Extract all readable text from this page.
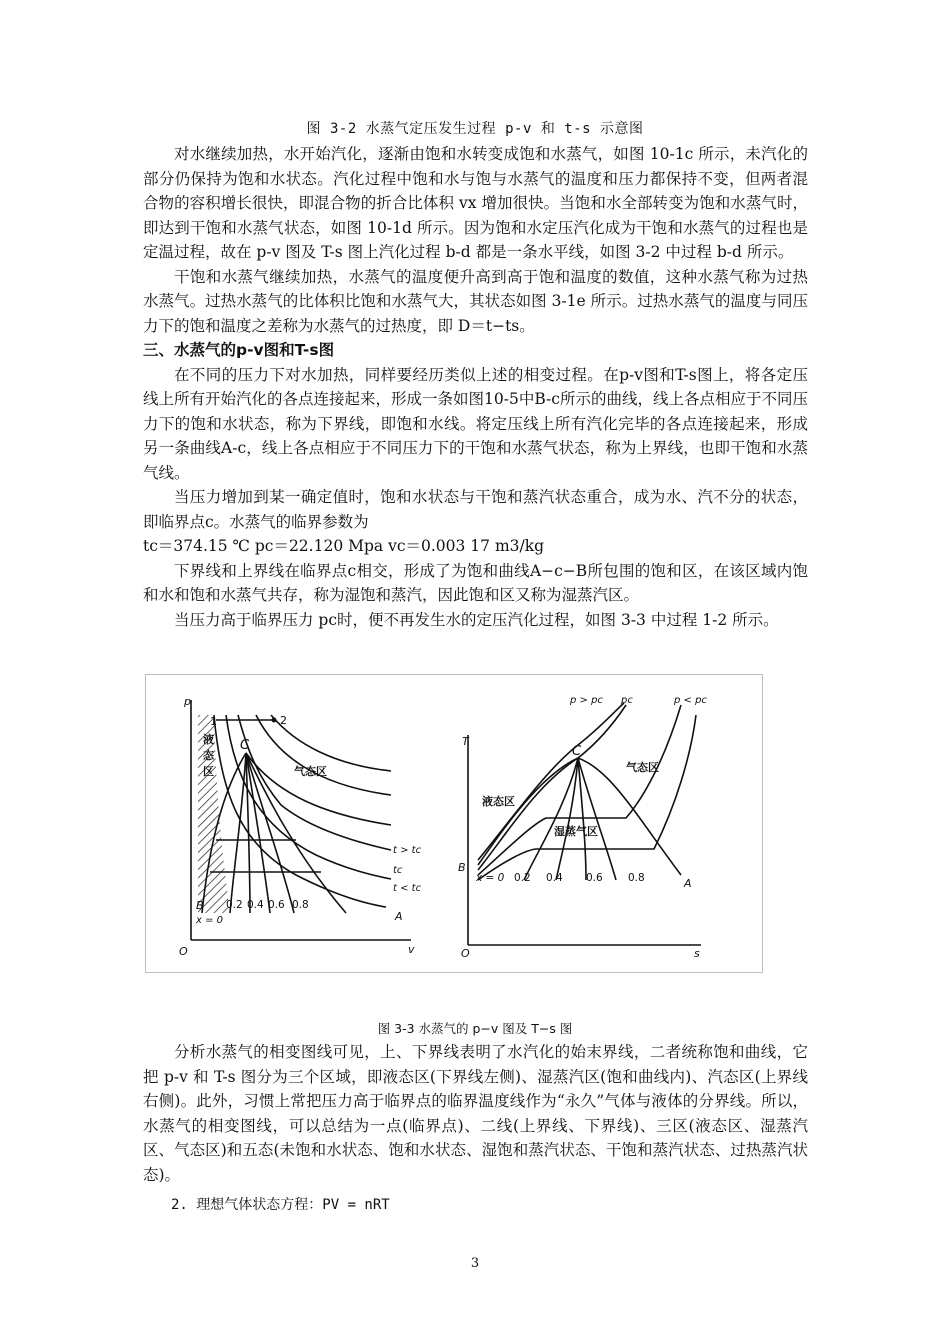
图 3-2 水蒸气定压发生过程 p-v 和 t-s 示意图

对水继续加热，水开始汽化，逐渐由饱和水转变成饱和水蒸气，如图 10-1c 所示，未汽化的部分仍保持为饱和水状态。汽化过程中饱和水与饱与水蒸气的温度和压力都保持不变，但两者混合物的容积增长很快，即混合物的折合比体积 vx 增加很快。当饱和水全部转变为饱和水蒸气时，即达到干饱和水蒸气状态，如图 10-1d 所示。因为饱和水定压汽化成为干饱和水蒸气的过程也是定温过程，故在 p-v 图及 T-s 图上汽化过程 b-d 都是一条水平线，如图 3-2 中过程 b-d 所示。

干饱和水蒸气继续加热，水蒸气的温度便升高到高于饱和温度的数值，这种水蒸气称为过热水蒸气。过热水蒸气的比体积比饱和水蒸气大，其状态如图 3-1e 所示。过热水蒸气的温度与同压力下的饱和温度之差称为水蒸气的过热度，即 D＝t−ts。

三、水蒸气的p-v图和T-s图

在不同的压力下对水加热，同样要经历类似上述的相变过程。在p-v图和T-s图上，将各定压线上所有开始汽化的各点连接起来，形成一条如图10-5中B-c所示的曲线，线上各点相应于不同压力下的饱和水状态，称为下界线，即饱和水线。将定压线上所有汽化完毕的各点连接起来，形成另一条曲线A-c，线上各点相应于不同压力下的干饱和水蒸气状态，称为上界线，也即干饱和水蒸气线。

当压力增加到某一确定值时，饱和水状态与干饱和蒸汽状态重合，成为水、汽不分的状态，即临界点c。水蒸气的临界参数为

tc＝374.15 ℃ pc＝22.120 Mpa vc＝0.003 17 m3/kg

下界线和上界线在临界点c相交，形成了为饱和曲线A−c−B所包围的饱和区，在该区域内饱和水和饱和水蒸气共存，称为湿饱和蒸汽，因此饱和区又称为湿蒸汽区。

当压力高于临界压力 pc时，便不再发生水的定压汽化过程，如图 3-3 中过程 1-2 所示。

p
v
O
1	2
C
B
A
液
态
区	气态区
t > tc
tc
t < tc
x = 0
0.2 0.4 0.6 0.8
T
O
C
B
A
p > pc pc	p < pc
液态区
湿蒸气区
气态区
x = 0 0.2 0.4 0.6 0.8
s
图 3-3 水蒸气的 p−v 图及 T−s 图

分析水蒸气的相变图线可见，上、下界线表明了水汽化的始末界线，二者统称饱和曲线，它把 p-v 和 T-s 图分为三个区域，即液态区(下界线左侧)、湿蒸汽区(饱和曲线内)、汽态区(上界线右侧)。此外，习惯上常把压力高于临界点的临界温度线作为“永久”气体与液体的分界线。所以，水蒸气的相变图线，可以总结为一点(临界点)、二线(上界线、下界线)、三区(液态区、湿蒸汽区、气态区)和五态(未饱和水状态、饱和水状态、湿饱和蒸汽状态、干饱和蒸汽状态、过热蒸汽状态)。

2. 理想气体状态方程：PV = nRT

3
